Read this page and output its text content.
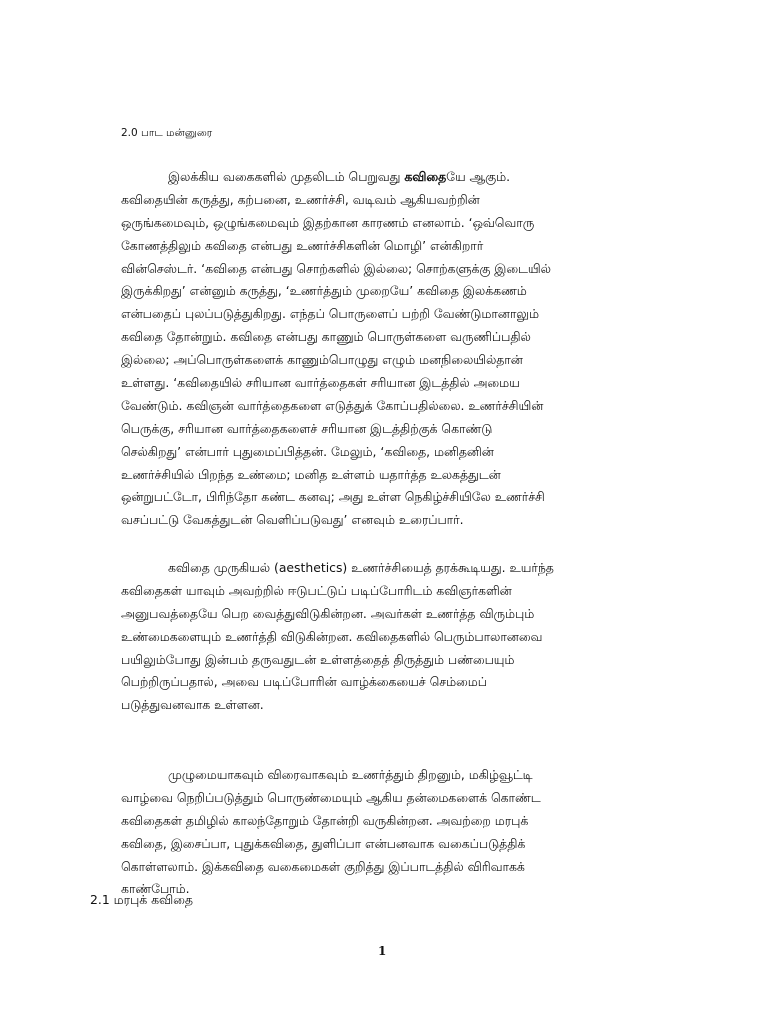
2.0 பாட மன்னுரை

இலக்கிய வகைகளில் முதலிடம் பெறுவது கவிதையே ஆகும்.
கவிதையின் கருத்து, கற்பனை, உணர்ச்சி, வடிவம் ஆகியவற்றின்
ஒருங்கமைவும், ஒழுங்கமைவும் இதற்கான காரணம் எனலாம். ‘ஒவ்வொரு
கோணத்திலும் கவிதை என்பது உணர்ச்சிகளின் மொழி’ என்கிறார்
வின்செஸ்டர். ‘கவிதை என்பது சொற்களில் இல்லை; சொற்களுக்கு இடையில்
இருக்கிறது’ என்னும் கருத்து, ‘உணர்த்தும் முறையே’ கவிதை இலக்கணம்
என்பதைப் புலப்படுத்துகிறது. எந்தப் பொருளைப் பற்றி வேண்டுமானாலும்
கவிதை தோன்றும். கவிதை என்பது காணும் பொருள்களை வருணிப்பதில்
இல்லை; அப்பொருள்களைக் காணும்பொழுது எழும் மனநிலையில்தான்
உள்ளது. ‘கவிதையில் சரியான வார்த்தைகள் சரியான இடத்தில் அமைய
வேண்டும். கவிஞன் வார்த்தைகளை எடுத்துக் கோப்பதில்லை. உணர்ச்சியின்
பெருக்கு, சரியான வார்த்தைகளைச் சரியான இடத்திற்குக் கொண்டு
செல்கிறது’ என்பார் புதுமைப்பித்தன். மேலும், ‘கவிதை, மனிதனின்
உணர்ச்சியில் பிறந்த உண்மை; மனித உள்ளம் யதார்த்த உலகத்துடன்
ஒன்றுபட்டோ, பிரிந்தோ கண்ட கனவு; அது உள்ள நெகிழ்ச்சியிலே உணர்ச்சி
வசப்பட்டு வேகத்துடன் வெளிப்படுவது’ எனவும் உரைப்பார்.

கவிதை முருகியல் (aesthetics) உணர்ச்சியைத் தரக்கூடியது. உயர்ந்த
கவிதைகள் யாவும் அவற்றில் ஈடுபட்டுப் படிப்போரிடம் கவிஞர்களின்
அனுபவத்தையே பெற வைத்துவிடுகின்றன. அவர்கள் உணர்த்த விரும்பும்
உண்மைகளையும் உணர்த்தி விடுகின்றன. கவிதைகளில் பெரும்பாலானவை
பயிலும்போது இன்பம் தருவதுடன் உள்ளத்தைத் திருத்தும் பண்பையும்
பெற்றிருப்பதால், அவை படிப்போரின் வாழ்க்கையைச் செம்மைப்
படுத்துவனவாக உள்ளன.

முழுமையாகவும் விரைவாகவும் உணர்த்தும் திறனும், மகிழ்வூட்டி
வாழ்வை நெறிப்படுத்தும் பொருண்மையும் ஆகிய தன்மைகளைக் கொண்ட
கவிதைகள் தமிழில் காலந்தோறும் தோன்றி வருகின்றன. அவற்றை மரபுக்
கவிதை, இசைப்பா, புதுக்கவிதை, துளிப்பா என்பனவாக வகைப்படுத்திக்
கொள்ளலாம். இக்கவிதை வகைமைகள் குறித்து இப்பாடத்தில் விரிவாகக்
காண்போம்.

2.1 மரபுக் கவிதை
1
